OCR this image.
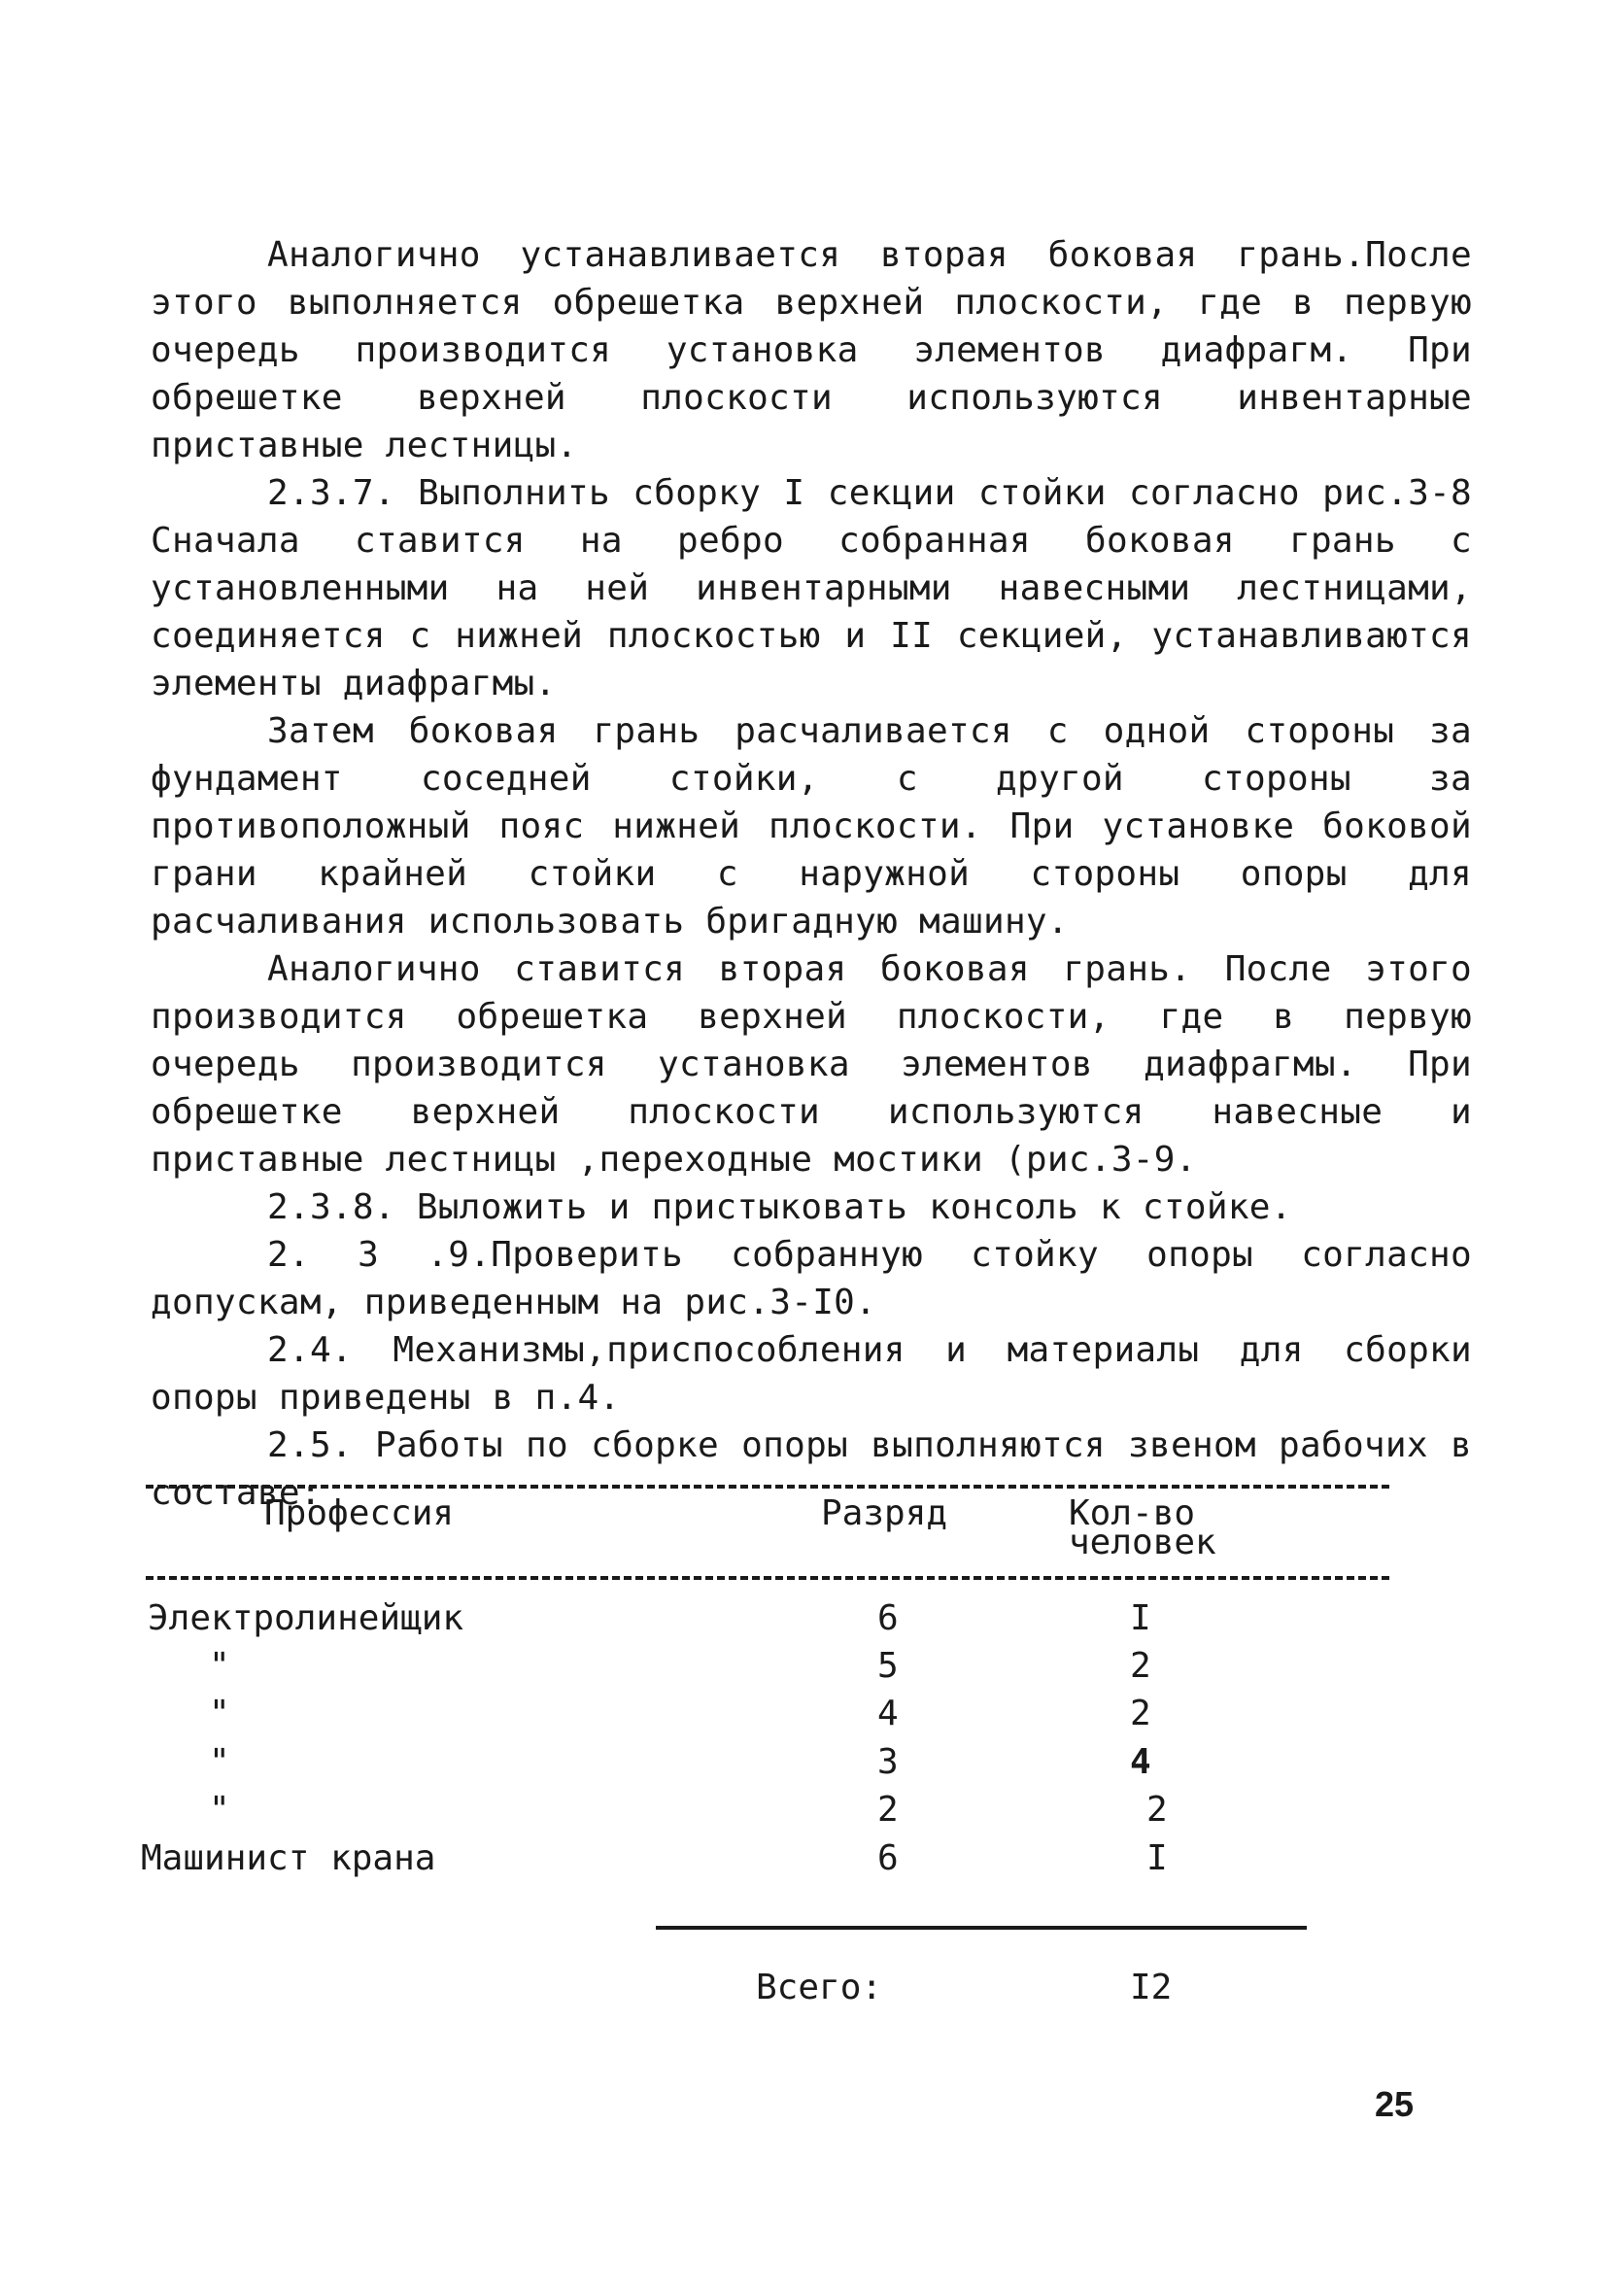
Аналогично устанавливается вторая боковая грань.После этого выполняется обрешетка верхней плоскости, где в первую очередь производится установка элементов диафрагм. При обрешетке верхней плоскости используются инвентарные приставные лестницы.

2.3.7. Выполнить сборку I секции стойки согласно рис.3-8 Сначала ставится на ребро собранная боковая грань с установленными на ней инвентарными навесными лестницами, соединяется с нижней плоскостью и II секцией, устанавливаются элементы диафрагмы.

Затем боковая грань расчаливается с одной стороны за фундамент соседней стойки, с другой стороны за противоположный пояс нижней плоскости. При установке боковой грани крайней стойки с наружной стороны опоры для расчаливания использовать бригадную машину.

Аналогично ставится вторая боковая грань. После этого производится обрешетка верхней плоскости, где в первую очередь производится установка элементов диафрагмы. При обрешетке верхней плоскости используются навесные и приставные лестницы ,переходные мостики (рис.3-9.

2.3.8. Выложить и пристыковать консоль к стойке.

2. 3 .9.Проверить собранную стойку опоры согласно допускам, приведенным на рис.3-I0.

2.4. Механизмы,приспособления и материалы для сборки опоры приведены в п.4.

2.5. Работы по сборке опоры выполняются звеном рабочих в составе:

Профессия	Разряд	Кол-во
человек
Электролинейщик	6	I
"	5	2
"	4	2
"	3	4
"	2	2
Машинист крана	6	I
Всего:	I2
25
